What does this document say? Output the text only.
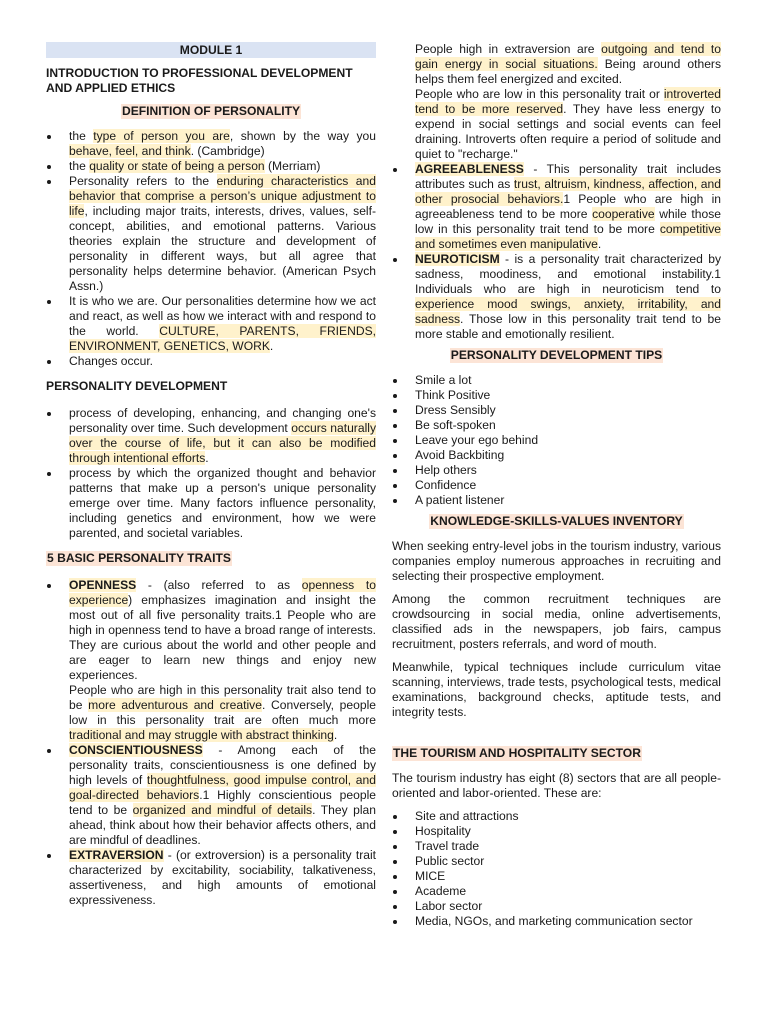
MODULE 1

INTRODUCTION TO PROFESSIONAL DEVELOPMENT AND APPLIED ETHICS

DEFINITION OF PERSONALITY
the type of person you are, shown by the way you behave, feel, and think. (Cambridge)
the quality or state of being a person (Merriam)
Personality refers to the enduring characteristics and behavior that comprise a person’s unique adjustment to life, including major traits, interests, drives, values, self-concept, abilities, and emotional patterns. Various theories explain the structure and development of personality in different ways, but all agree that personality helps determine behavior. (American Psych Assn.)
It is who we are. Our personalities determine how we act and react, as well as how we interact with and respond to the world. CULTURE, PARENTS, FRIENDS, ENVIRONMENT, GENETICS, WORK.
Changes occur.

PERSONALITY DEVELOPMENT

process of developing, enhancing, and changing one's personality over time. Such development occurs naturally over the course of life, but it can also be modified through intentional efforts.
process by which the organized thought and behavior patterns that make up a person's unique personality emerge over time. Many factors influence personality, including genetics and environment, how we were parented, and societal variables.
5 BASIC PERSONALITY TRAITS
OPENNESS - (also referred to as openness to experience) emphasizes imagination and insight the most out of all five personality traits.1 People who are high in openness tend to have a broad range of interests. They are curious about the world and other people and are eager to learn new things and enjoy new experiences.

People who are high in this personality trait also tend to be more adventurous and creative. Conversely, people low in this personality trait are often much more traditional and may struggle with abstract thinking.

CONSCIENTIOUSNESS - Among each of the personality traits, conscientiousness is one defined by high levels of thoughtfulness, good impulse control, and goal-directed behaviors.1 Highly conscientious people tend to be organized and mindful of details. They plan ahead, think about how their behavior affects others, and are mindful of deadlines.
EXTRAVERSION - (or extroversion) is a personality trait characterized by excitability, sociability, talkativeness, assertiveness, and high amounts of emotional expressiveness.

People high in extraversion are outgoing and tend to gain energy in social situations. Being around others helps them feel energized and excited.

People who are low in this personality trait or introverted tend to be more reserved. They have less energy to expend in social settings and social events can feel draining. Introverts often require a period of solitude and quiet to "recharge."

AGREEABLENESS - This personality trait includes attributes such as trust, altruism, kindness, affection, and other prosocial behaviors.1 People who are high in agreeableness tend to be more cooperative while those low in this personality trait tend to be more competitive and sometimes even manipulative.
NEUROTICISM - is a personality trait characterized by sadness, moodiness, and emotional instability.1 Individuals who are high in neuroticism tend to experience mood swings, anxiety, irritability, and sadness. Those low in this personality trait tend to be more stable and emotionally resilient.
PERSONALITY DEVELOPMENT TIPS
Smile a lot
Think Positive
Dress Sensibly
Be soft-spoken
Leave your ego behind
Avoid Backbiting
Help others
Confidence
A patient listener
KNOWLEDGE-SKILLS-VALUES INVENTORY

When seeking entry-level jobs in the tourism industry, various companies employ numerous approaches in recruiting and selecting their prospective employment.

Among the common recruitment techniques are crowdsourcing in social media, online advertisements, classified ads in the newspapers, job fairs, campus recruitment, posters referrals, and word of mouth.

Meanwhile, typical techniques include curriculum vitae scanning, interviews, trade tests, psychological tests, medical examinations, background checks, aptitude tests, and integrity tests.

THE TOURISM AND HOSPITALITY SECTOR

The tourism industry has eight (8) sectors that are all people-oriented and labor-oriented. These are:

Site and attractions
Hospitality
Travel trade
Public sector
MICE
Academe
Labor sector
Media, NGOs, and marketing communication sector
